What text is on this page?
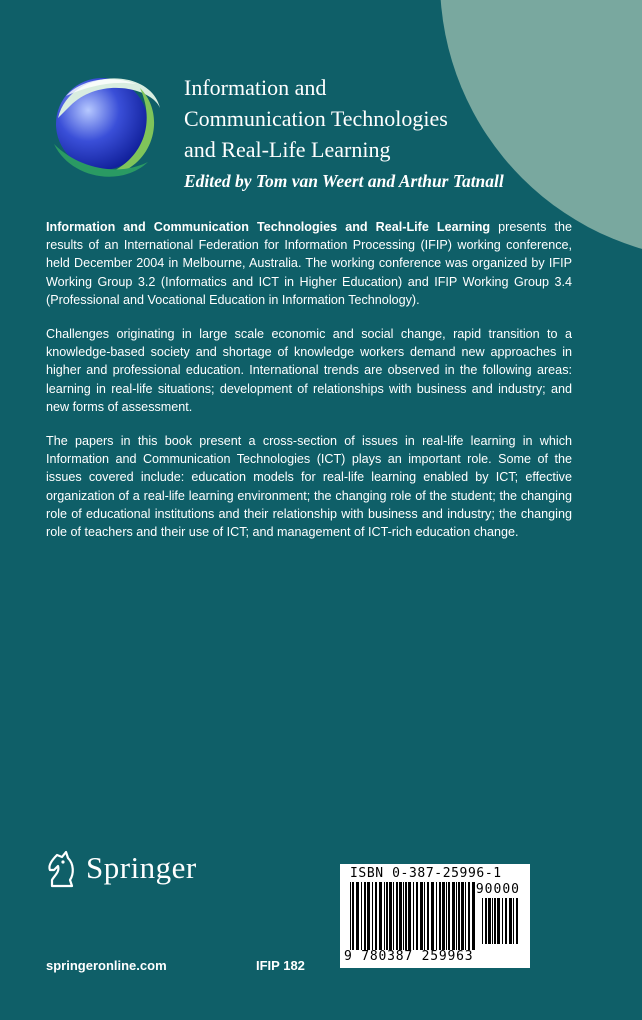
Information and
Communication Technologies
and Real-Life Learning
Edited by Tom van Weert and Arthur Tatnall

Information and Communication Technologies and Real-Life Learning presents the results of an International Federation for Information Processing (IFIP) working conference, held December 2004 in Melbourne, Australia. The working conference was organized by IFIP Working Group 3.2 (Informatics and ICT in Higher Education) and IFIP Working Group 3.4 (Professional and Vocational Education in Information Technology).

Challenges originating in large scale economic and social change, rapid transition to a knowledge-based society and shortage of knowledge workers demand new approaches in higher and professional education. International trends are observed in the following areas: learning in real-life situations; development of relationships with business and industry; and new forms of assessment.

The papers in this book present a cross-section of issues in real-life learning in which Information and Communication Technologies (ICT) plays an important role. Some of the issues covered include: education models for real-life learning enabled by ICT; effective organization of a real-life learning environment; the changing role of the student; the changing role of educational institutions and their relationship with business and industry; the changing role of teachers and their use of ICT; and management of ICT-rich education change.

Springer
springeronline.com	IFIP 182
ISBN 0-387-25996-1
90000
9 780387 259963
